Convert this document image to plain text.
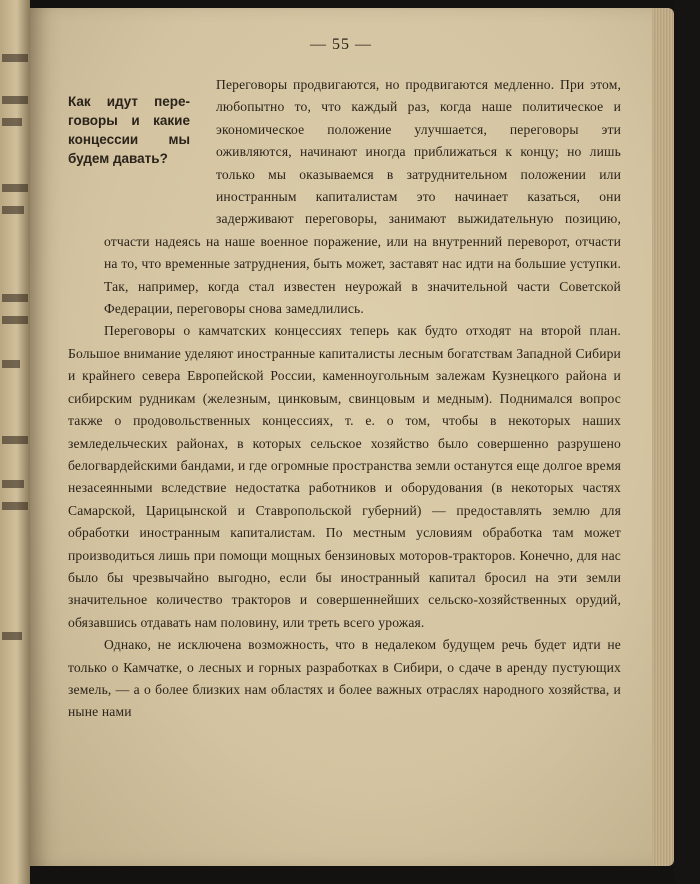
— 55 —
Как идут переговоры и какие концессии мы будем давать?

Переговоры продвигаются, но продвигаются медленно. При этом, любопытно то, что каждый раз, когда наше политическое и экономическое положение улучшается, переговоры эти оживляются, начинают иногда приближаться к концу; но лишь только мы оказываемся в затруднительном положении или иностранным капиталистам это начинает казаться, они задерживают переговоры, занимают выжидательную позицию, отчасти надеясь на наше военное поражение, или на внутренний переворот, отчасти на то, что временные затруднения, быть может, заставят нас идти на большие уступки. Так, например, когда стал известен неурожай в значительной части Советской Федерации, переговоры снова замедлились.

Переговоры о камчатских концессиях теперь как будто отходят на второй план. Большое внимание уделяют иностранные капиталисты лесным богатствам Западной Сибири и крайнего севера Европейской России, каменноугольным залежам Кузнецкого района и сибирским рудникам (железным, цинковым, свинцовым и медным). Поднимался вопрос также о продовольственных концессиях, т. е. о том, чтобы в некоторых наших земледельческих районах, в которых сельское хозяйство было совершенно разрушено белогвардейскими бандами, и где огромные пространства земли останутся еще долгое время незасеянными вследствие недостатка работников и оборудования (в некоторых частях Самарской, Царицынской и Ставропольской губерний) — предоставлять землю для обработки иностранным капиталистам. По местным условиям обработка там может производиться лишь при помощи мощных бензиновых моторов-тракторов. Конечно, для нас было бы чрезвычайно выгодно, если бы иностранный капитал бросил на эти земли значительное количество тракторов и совершеннейших сельско-хозяйственных орудий, обязавшись отдавать нам половину, или треть всего урожая.

Однако, не исключена возможность, что в недалеком будущем речь будет идти не только о Камчатке, о лесных и горных разработках в Сибири, о сдаче в аренду пустующих земель, — а о более близких нам областях и более важных отраслях народного хозяйства, и ныне нами
